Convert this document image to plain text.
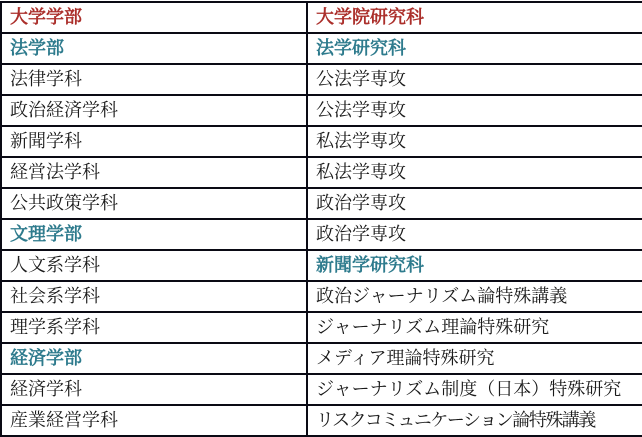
大学学部	大学院研究科
法学部	法学研究科
法律学科	公法学専攻
政治経済学科	公法学専攻
新聞学科	私法学専攻
経営法学科	私法学専攻
公共政策学科	政治学専攻
文理学部	政治学専攻
人文系学科	新聞学研究科
社会系学科	政治ジャーナリズム論特殊講義
理学系学科	ジャーナリズム理論特殊研究
経済学部	メディア理論特殊研究
経済学科	ジャーナリズム制度（日本）特殊研究
産業経営学科	リスクコミュニケーション論特殊講義
